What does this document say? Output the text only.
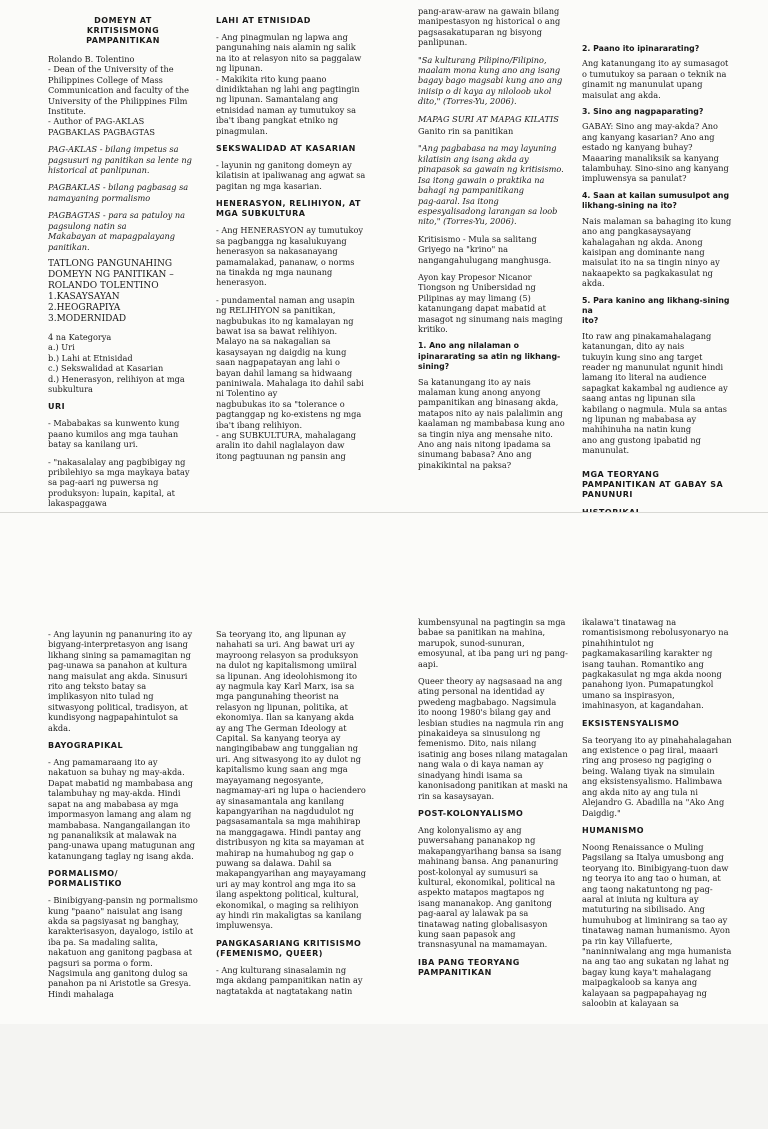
DOMEYN AT
KRITISISMONG
PAMPANITIKAN

Rolando B. Tolentino
- Dean of the University of the Philippines College of Mass Communication and faculty of the University of the Philippines Film Institute.
- Author of PAG-AKLAS
PAGBAKLAS PAGBAGTAS

PAG-AKLAS - bilang impetus sa pagsusuri ng panitikan sa lente ng historical at panlipunan.

PAGBAKLAS - bilang pagbasag sa namayaning pormalismo

PAGBAGTAS - para sa patuloy na pagsulong natin sa
Makabayan at mapagpalayang panitikan.

TATLONG PANGUNAHING DOMEYN NG PANITIKAN – ROLANDO TOLENTINO
1.KASAYSAYAN
2.HEOGRAPIYA
3.MODERNIDAD

4 na Kategorya
a.) Uri
b.) Lahi at Etnisidad
c.) Sekswalidad at Kasarian
d.) Henerasyon, relihiyon at mga subkultura

URI

- Mababakas sa kunwento kung paano kumilos ang mga tauhan batay sa kanilang uri.

- "nakasalalay ang pagbibigay ng pribilehiyo sa mga maykaya batay sa pag-aari ng puwersa ng produksyon: lupain, kapital, at lakaspaggawa

LAHI AT ETNISIDAD

- Ang pinagmulan ng lapwa ang pangunahing nais alamin ng salik na ito at relasyon nito sa paggalaw ng lipunan.
- Makikita rito kung paano dinidiktahan ng lahi ang pagtingin ng lipunan. Samantalang ang etnisidad naman ay tumutukoy sa iba't ibang pangkat etniko ng pinagmulan.

SEKSWALIDAD AT KASARIAN

- layunin ng ganitong domeyn ay kilatisin at ipaliwanag ang agwat sa pagitan ng mga kasarian.

HENERASYON, RELIHIYON, AT MGA SUBKULTURA

- Ang HENERASYON ay tumutukoy sa pagbangga ng kasalukuyang
henerasyon sa nakasanayang pamamalakad, pananaw, o norms na tinakda ng mga naunang henerasyon.

- pundamental naman ang usapin ng RELIHIYON sa panitikan, nagbubukas ito ng kamalayan ng bawat isa sa bawat relihiyon. Malayo na sa nakagalian sa kasaysayan ng daigdig na kung saan nagpapatayan ang lahi o bayan dahil lamang sa hidwaang paniniwala. Mahalaga ito dahil sabi ni Tolentino ay
nagbubukas ito sa "tolerance o pagtanggap ng ko-existens ng mga iba't ibang relihiyon.
- ang SUBKULTURA, mahalagang aralin ito dahil naglalayon daw itong pagtuunan ng pansin ang

pang-araw-araw na gawain bilang manipestasyon ng historical o ang pagsasakatuparan ng bisyong panlipunan.

"Sa kulturang Pilipino/Filipino, maalam mona kung ano ang isang bagay bago magsabi kung ano ang iniisip o di kaya ay niloloob ukol dito," (Torres-Yu, 2006).

MAPAG SURI AT MAPAG KILATIS

Ganito rin sa panitikan

"Ang pagbabasa na may layuning kilatisin ang isang akda ay pinapasok sa gawain ng kritisismo. Isa itong gawain o praktika na bahagi ng pampanitikang
pag-aaral. Isa itong espesyalisadong larangan sa loob nito," (Torres-Yu, 2006).

Kritisismo - Mula sa salitang Griyego na "krino" na nangangahulugang manghusga.

Ayon kay Propesor Nicanor Tiongson ng Unibersidad ng Pilipinas ay may limang (5) katanungang dapat mabatid at masagot ng sinumang nais maging kritiko.

1. Ano ang nilalaman o ipinararating sa atin ng likhang-sining?

Sa katanungang ito ay nais malaman kung anong anyong pampanitikan ang binasang akda, matapos nito ay nais palalimin ang kaalaman ng mambabasa kung ano sa tingin niya ang mensahe nito. Ano ang nais nitong ipadama sa sinumang babasa? Ano ang pinakikintal na paksa?

2. Paano ito ipinararating?

Ang katanungang ito ay sumasagot o tumutukoy sa paraan o teknik na ginamit ng manunulat upang maisulat ang akda.

3. Sino ang nagpaparating?

GABAY: Sino ang may-akda? Ano ang kanyang kasarian? Ano ang estado ng kanyang buhay? Maaaring manaliksik sa kanyang talambuhay. Sino-sino ang kanyang impluwensya sa panulat?

4. Saan at kailan sumusulpot ang likhang-sining na ito?

Nais malaman sa bahaging ito kung ano ang pangkasaysayang kahalagahan ng akda. Anong kaisipan ang dominante nang maisulat ito na sa tingin ninyo ay nakaapekto sa pagkakasulat ng akda.

5. Para kanino ang likhang-sining na
ito?

Ito raw ang pinakamahalagang katanungan, dito ay nais
tukuyin kung sino ang target reader ng manunulat ngunit hindi lamang ito literal na audience sapagkat kakambal ng audience ay saang antas ng lipunan sila kabilang o nagmula. Mula sa antas ng lipunan ng mababasa ay mahihinuha na natin kung
ano ang gustong ipabatid ng manunulat.

MGA TEORYANG PAMPANITIKAN AT GABAY SA PANUNURI

- Ang layunin ng pananuring ito ay bigyang-interpretasyon ang isang likhang sining sa pamamagitan ng pag-unawa sa panahon at kultura nang maisulat ang akda. Sinusuri rito ang teksto batay sa implikasyon nito tulad ng sitwasyong political, tradisyon, at kundisyong nagpapahintulot sa akda.

BAYOGRAPIKAL

- Ang pamamaraang ito ay nakatuon sa buhay ng may-akda. Dapat mabatid ng mambabasa ang talambuhay ng may-akda. Hindi sapat na ang mababasa ay mga impormasyon lamang ang alam ng mambabasa. Nangangailangan ito ng pananaliksik at malawak na pang-unawa upang matugunan ang katanungang taglay ng isang akda.

PORMALISMO/
PORMALISTIKO

- Binibigyang-pansin ng pormalismo kung "paano" naisulat ang isang akda sa pagsiyasat ng banghay, karakterisasyon, dayalogo, istilo at iba pa. Sa madaling salita, nakatuon ang ganitong pagbasa at pagsuri sa porma o form. Nagsimula ang ganitong dulog sa panahon pa ni Aristotle sa Gresya. Hindi mahalaga

Sa teoryang ito, ang lipunan ay nahahati sa uri. Ang bawat uri ay mayroong relasyon sa produksyon na dulot ng kapitalismong umiiral sa lipunan. Ang ideolohismong ito ay nagmula kay Karl Marx, isa sa mga pangunahing theorist na relasyon ng lipunan, politika, at ekonomiya. Ilan sa kanyang akda ay ang The German Ideology at Capital. Sa kanyang teorya ay nangingibabaw ang tunggalian ng uri. Ang sitwasyong ito ay dulot ng kapitalismo kung saan ang mga mayayamang negosyante, nagmamay-ari ng lupa o haciendero ay sinasamantala ang kanilang kapangyarihan na nagdudulot ng pagsasamantala sa mga mahihirap na manggagawa. Hindi pantay ang distribusyon ng kita sa mayaman at mahirap na humahubog ng gap o puwang sa dalawa. Dahil sa makapangyarihan ang mayayamang uri ay may kontrol ang mga ito sa ilang aspektong political, kultural, ekonomikal, o maging sa relihiyon ay hindi rin makaligtas sa kanilang impluwensya.

PANGKASARIANG KRITISISMO (FEMENISMO, QUEER)

- Ang kulturang sinasalamin ng mga akdang pampanitikan natin ay nagtatakda at nagtatakang natin

kumbensyunal na pagtingin sa mga babae sa panitikan na mahina, marupok, sunod-sunuran, emosyunal, at iba pang uri ng pang-aapi.

Queer theory ay nagsasaad na ang ating personal na identidad ay pwedeng magbabago. Nagsimula ito noong 1980's bilang gay and lesbian studies na nagmula rin ang pinakaideya sa sinusulong ng femenismo. Dito, nais nilang isatinig ang boses nilang matagalan nang wala o di kaya naman ay sinadyang hindi isama sa kanonisadong panitikan at maski na rin sa kasaysayan.

POST-KOLONYALISMO

Ang kolonyalismo ay ang puwersahang pananakop ng makapangyarihang bansa sa isang mahinang bansa. Ang pananuring post-kolonyal ay sumusuri sa kultural, ekonomikal, political na aspekto matapos magtapos ng isang mananakop. Ang ganitong pag-aaral ay lalawak pa sa tinatawag nating globalisasyon kung saan papasok ang transnasyunal na mamamayan.

IBA PANG TEORYANG PAMPANITIKAN

ikalawa't tinatawag na romantisismong rebolusyonaryo na pinahihintulot ng pagkamakasariling karakter ng isang tauhan. Romantiko ang pagkakasulat ng mga akda noong panahong iyon. Pumapatungkol umano sa inspirasyon, imahinasyon, at kagandahan.

EKSISTENSYALISMO

Sa teoryang ito ay pinahahalagahan ang existence o pag iiral, maaari ring ang proseso ng pagiging o being. Walang tiyak na simulain ang eksistensyalismo. Halimbawa ang akda nito ay ang tula ni Alejandro G. Abadilla na "Ako Ang Daigdig."

HUMANISMO

Noong Renaissance o Muling Pagsilang sa Italya umusbong ang teoryang ito. Binibigyang-tuon daw ng teorya ito ang tao o human, at ang taong nakatuntong ng pag-aaral at iniuta ng kultura ay matuturing na sibilisado. Ang humuhubog at liminirang sa tao ay tinatawag naman humanismo. Ayon pa rin kay Villafuerte, "naninniwalang ang mga humanista na ang tao ang sukatan ng lahat ng bagay kung kaya't mahalagang maipagkaloob sa kanya ang kalayaan sa pagpapahayag ng saloobin at kalayaan sa
